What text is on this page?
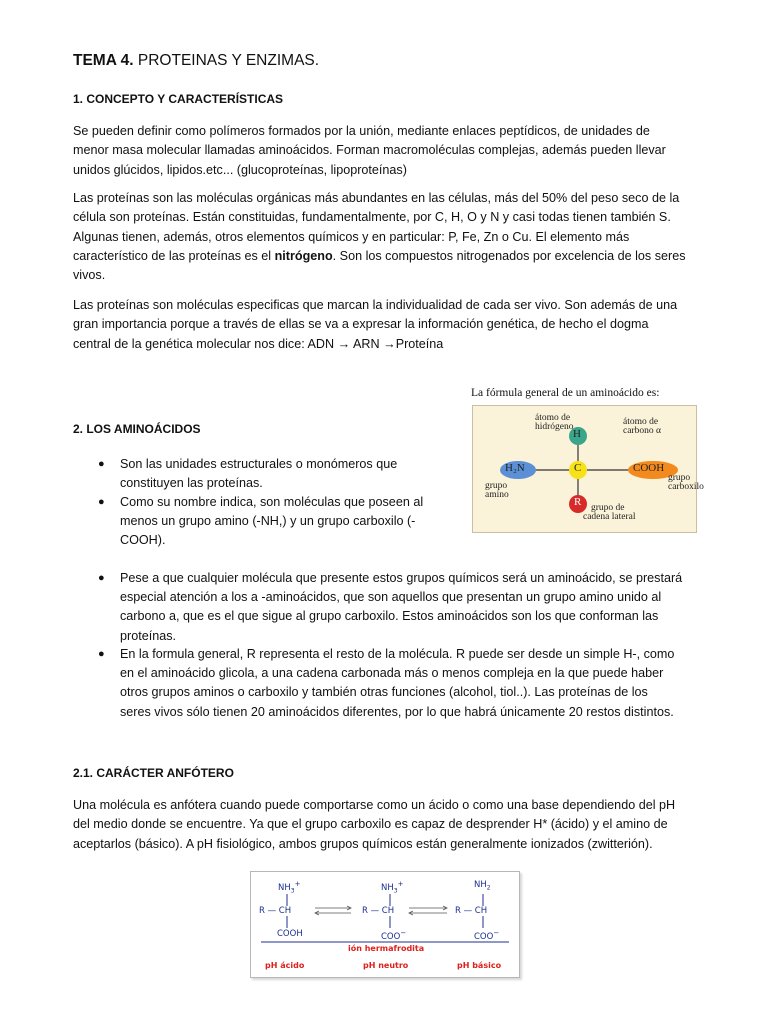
TEMA 4. PROTEINAS Y ENZIMAS.
1. CONCEPTO Y CARACTERÍSTICAS
Se pueden definir como polímeros formados por la unión, mediante enlaces peptídicos, de unidades de
menor masa molecular llamadas aminoácidos. Forman macromoléculas complejas, además pueden llevar
unidos glúcidos, lipidos.etc... (glucoproteínas, lipoproteínas)
Las proteínas son las moléculas orgánicas más abundantes en las células, más del 50% del peso seco de la
célula son proteínas. Están constituidas, fundamentalmente, por C, H, O y N y casi todas tienen también S.
Algunas tienen, además, otros elementos químicos y en particular: P, Fe, Zn o Cu. El elemento más
característico de las proteínas es el nitrógeno. Son los compuestos nitrogenados por excelencia de los seres
vivos.
Las proteínas son moléculas especificas que marcan la individualidad de cada ser vivo. Son además de una
gran importancia porque a través de ellas se va a expresar la información genética, de hecho el dogma
central de la genética molecular nos dice: ADN → ARN →Proteína
2. LOS AMINOÁCIDOS
● Son las unidades estructurales o monómeros que
constituyen las proteínas.
● Como su nombre indica, son moléculas que poseen al
menos un grupo amino (-NH,) y un grupo carboxilo (-
COOH).
● Pese a que cualquier molécula que presente estos grupos químicos será un aminoácido, se prestará
especial atención a los a -aminoácidos, que son aquellos que presentan un grupo amino unido al
carbono a, que es el que sigue al grupo carboxilo. Estos aminoácidos son los que conforman las
proteínas.
● En la formula general, R representa el resto de la molécula. R puede ser desde un simple H-, como
en el aminoácido glicola, a una cadena carbonada más o menos compleja en la que puede haber
otros grupos aminos o carboxilo y también otras funciones (alcohol, tiol..). Las proteínas de los
seres vivos sólo tienen 20 aminoácidos diferentes, por lo que habrá únicamente 20 restos distintos.
La fórmula general de un aminoácido es:
H
C
R
H₂N	COOH
átomo de
hidrógeno	átomo de
carbono α
grupo
amino
grupo
carboxilo
grupo de
cadena lateral
2.1. CARÁCTER ANFÓTERO
Una molécula es anfótera cuando puede comportarse como un ácido o como una base dependiendo del pH
del medio donde se encuentre. Ya que el grupo carboxilo es capaz de desprender H* (ácido) y el amino de
aceptarlos (básico). A pH fisiológico, ambos grupos químicos están generalmente ionizados (zwitterión).
$NH_3^+$	$NH_3^+$	$NH_2$
R — CH	R — CH	R — CH
COOH	COO−	COO−
ión hermafrodita
pH ácido	pH neutro	pH básico
